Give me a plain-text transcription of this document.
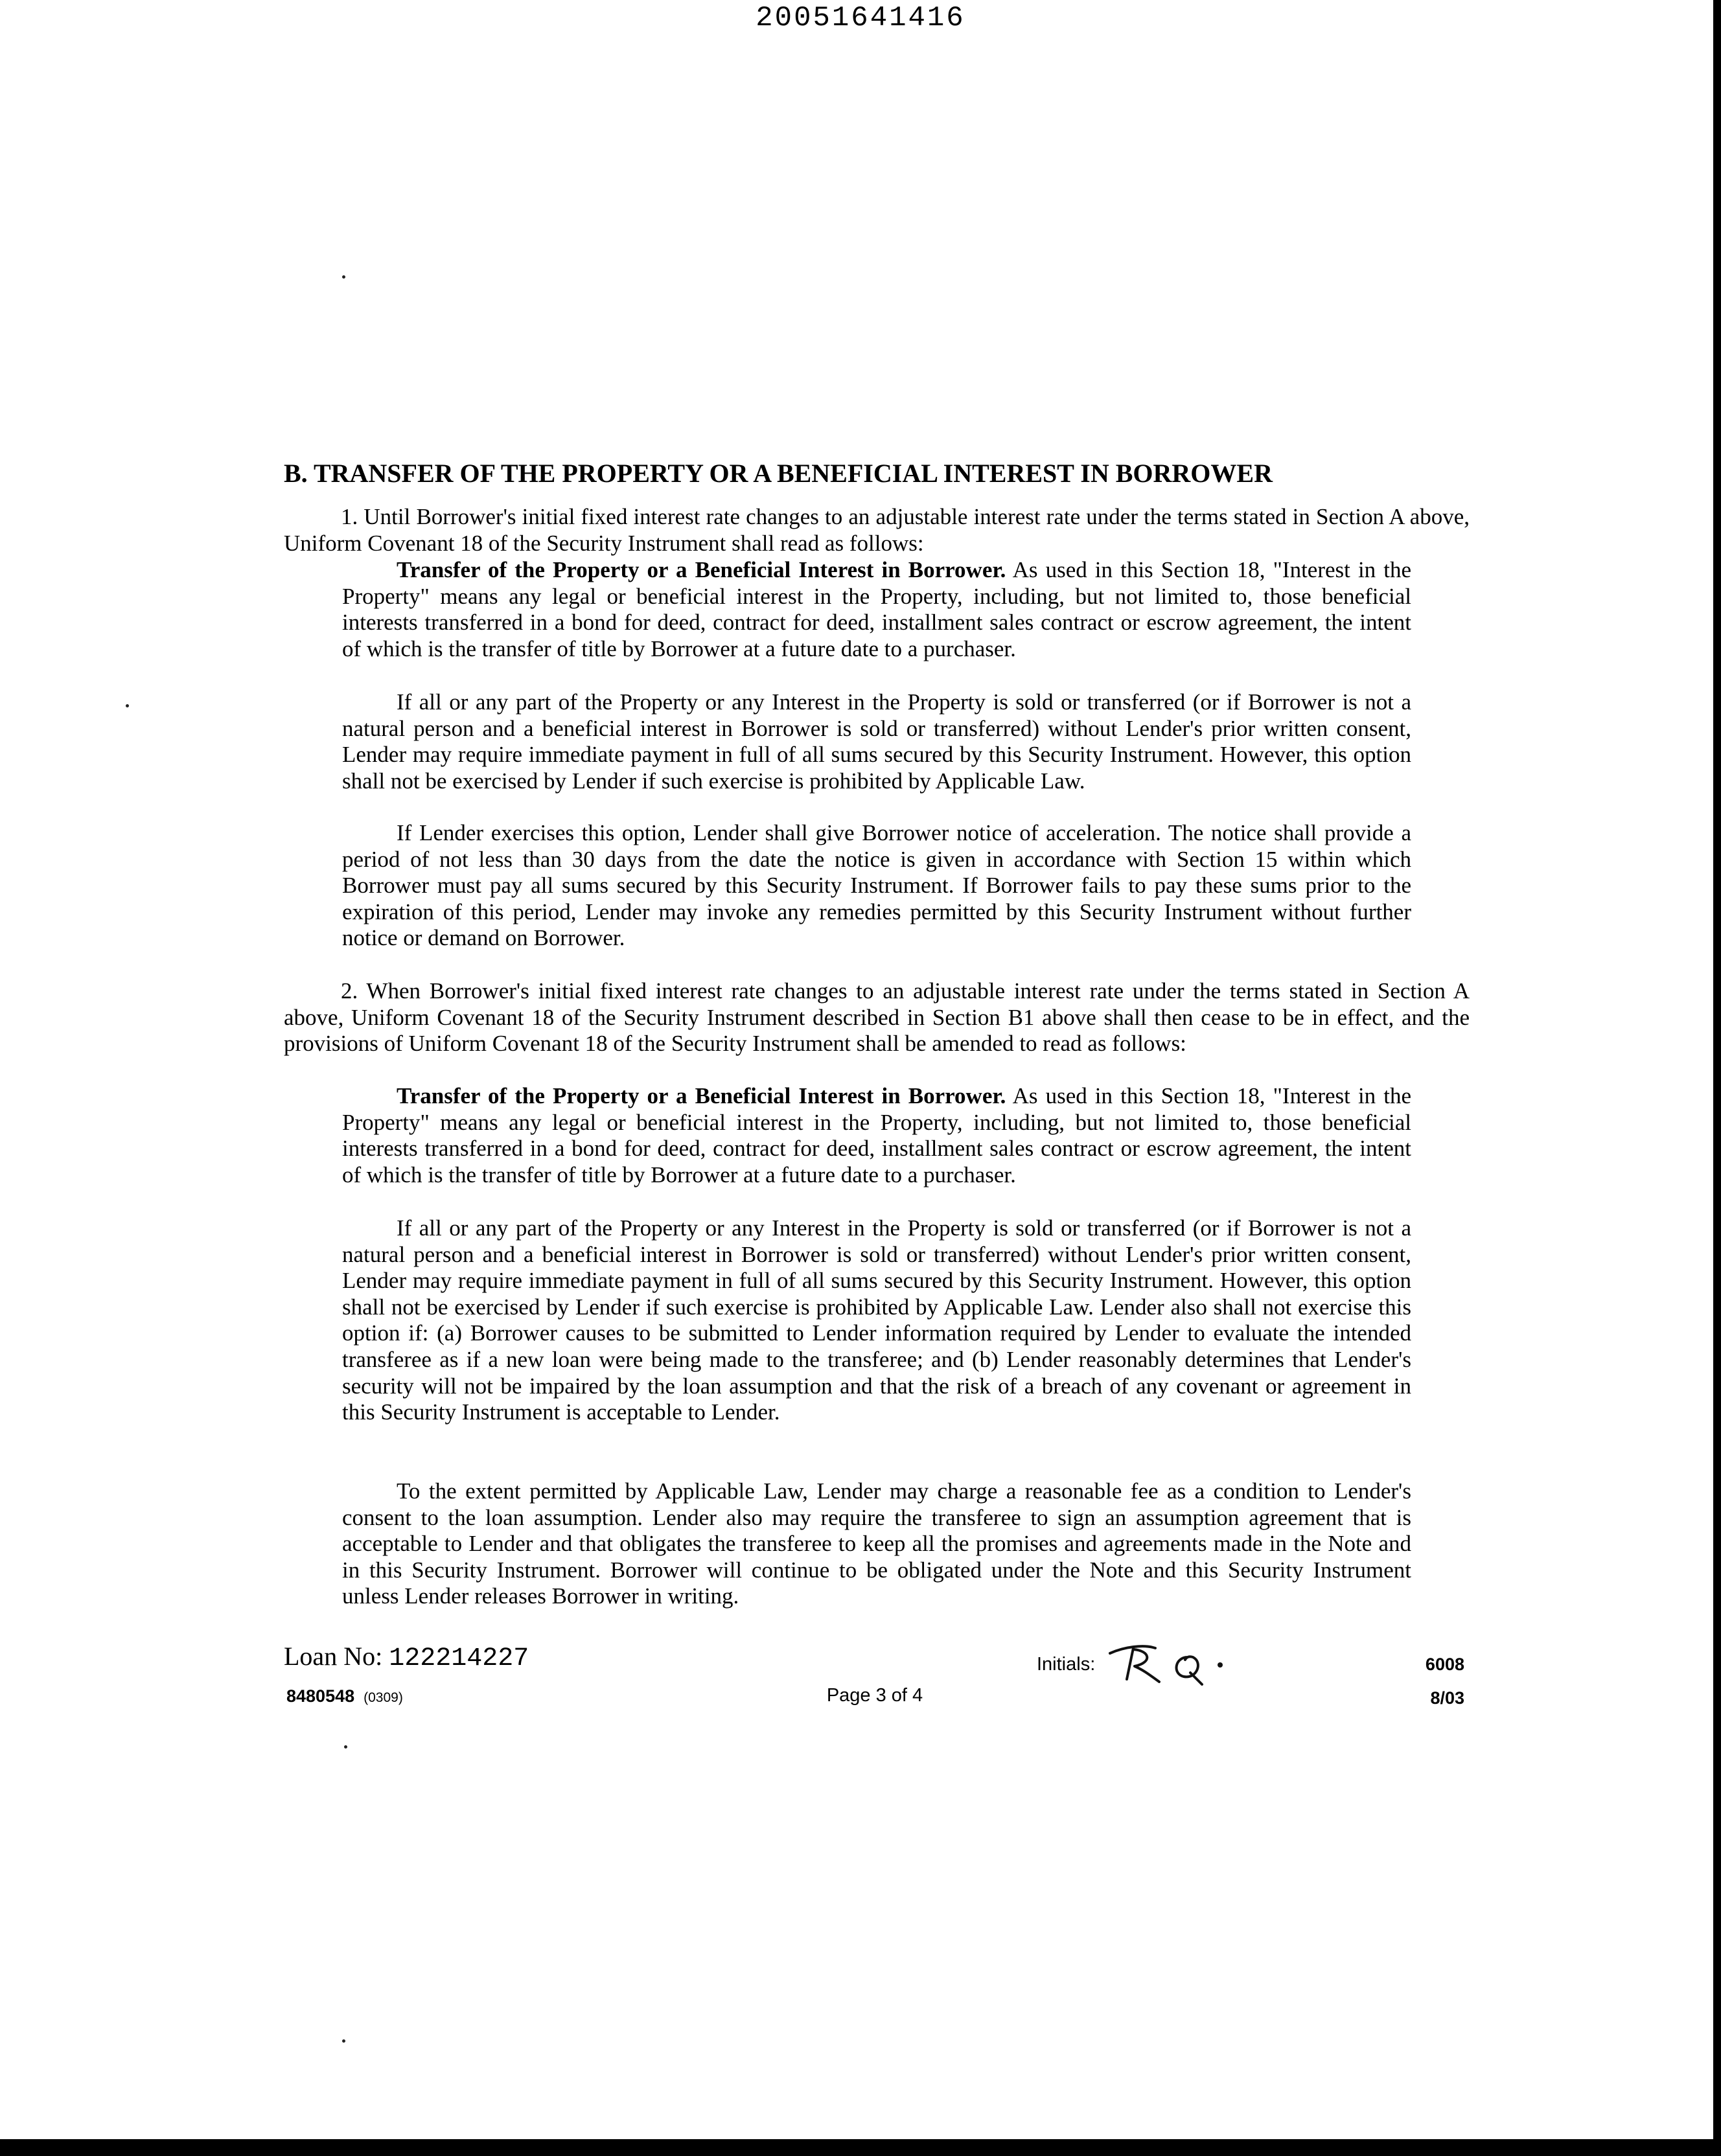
20051641416
B. TRANSFER OF THE PROPERTY OR A BENEFICIAL INTEREST IN BORROWER

1. Until Borrower's initial fixed interest rate changes to an adjustable interest rate under the terms stated in Section A above, Uniform Covenant 18 of the Security Instrument shall read as follows:

Transfer of the Property or a Beneficial Interest in Borrower. As used in this Section 18, "Interest in the Property" means any legal or beneficial interest in the Property, including, but not limited to, those beneficial interests transferred in a bond for deed, contract for deed, installment sales contract or escrow agreement, the intent of which is the transfer of title by Borrower at a future date to a purchaser.

If all or any part of the Property or any Interest in the Property is sold or transferred (or if Borrower is not a natural person and a beneficial interest in Borrower is sold or transferred) without Lender's prior written consent, Lender may require immediate payment in full of all sums secured by this Security Instrument. However, this option shall not be exercised by Lender if such exercise is prohibited by Applicable Law.

If Lender exercises this option, Lender shall give Borrower notice of acceleration. The notice shall provide a period of not less than 30 days from the date the notice is given in accordance with Section 15 within which Borrower must pay all sums secured by this Security Instrument. If Borrower fails to pay these sums prior to the expiration of this period, Lender may invoke any remedies permitted by this Security Instrument without further notice or demand on Borrower.

2. When Borrower's initial fixed interest rate changes to an adjustable interest rate under the terms stated in Section A above, Uniform Covenant 18 of the Security Instrument described in Section B1 above shall then cease to be in effect, and the provisions of Uniform Covenant 18 of the Security Instrument shall be amended to read as follows:

Transfer of the Property or a Beneficial Interest in Borrower. As used in this Section 18, "Interest in the Property" means any legal or beneficial interest in the Property, including, but not limited to, those beneficial interests transferred in a bond for deed, contract for deed, installment sales contract or escrow agreement, the intent of which is the transfer of title by Borrower at a future date to a purchaser.

If all or any part of the Property or any Interest in the Property is sold or transferred (or if Borrower is not a natural person and a beneficial interest in Borrower is sold or transferred) without Lender's prior written consent, Lender may require immediate payment in full of all sums secured by this Security Instrument. However, this option shall not be exercised by Lender if such exercise is prohibited by Applicable Law. Lender also shall not exercise this option if: (a) Borrower causes to be submitted to Lender information required by Lender to evaluate the intended transferee as if a new loan were being made to the transferee; and (b) Lender reasonably determines that Lender's security will not be impaired by the loan assumption and that the risk of a breach of any covenant or agreement in this Security Instrument is acceptable to Lender.

To the extent permitted by Applicable Law, Lender may charge a reasonable fee as a condition to Lender's consent to the loan assumption. Lender also may require the transferee to sign an assumption agreement that is acceptable to Lender and that obligates the transferee to keep all the promises and agreements made in the Note and in this Security Instrument. Borrower will continue to be obligated under the Note and this Security Instrument unless Lender releases Borrower in writing.

Loan No: 122214227	Initials:	6008
8480548 (0309)	Page 3 of 4	8/03
